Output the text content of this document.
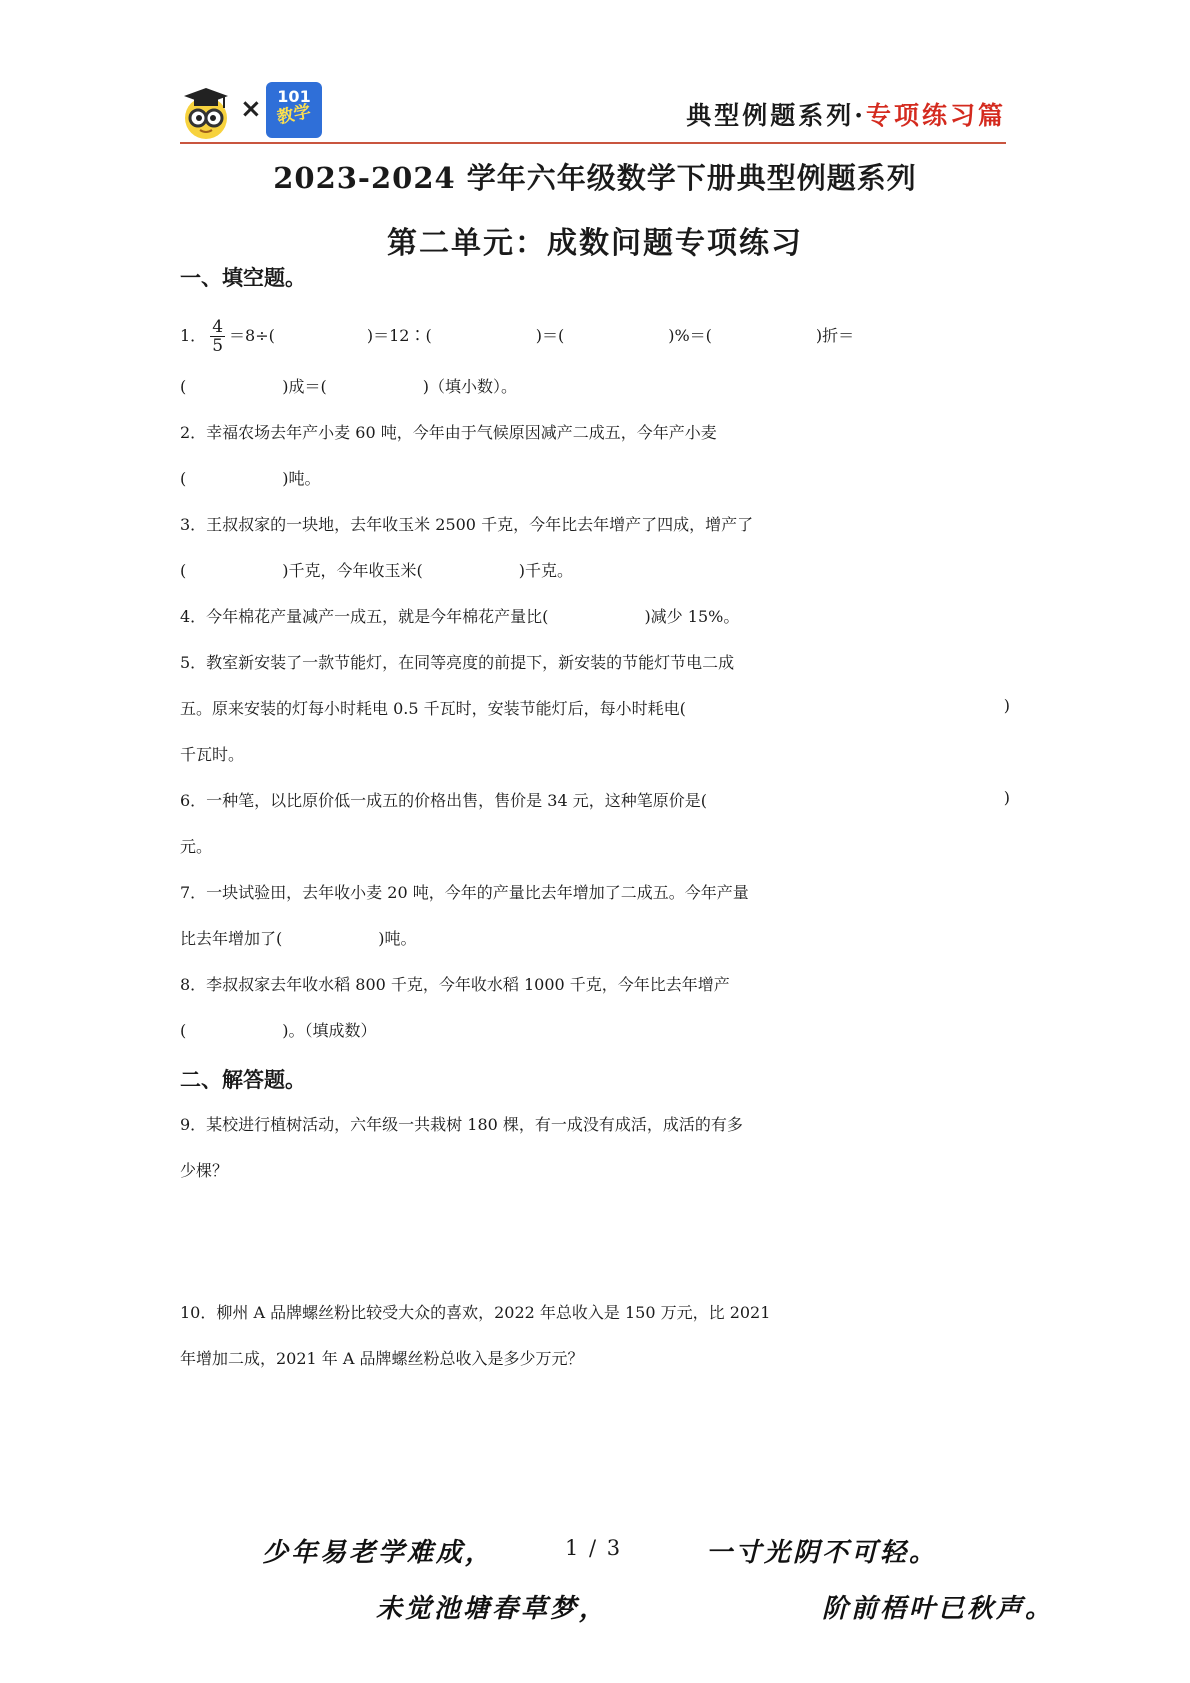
× 101
教学	典型例题系列·专项练习篇
2023-2024 学年六年级数学下册典型例题系列
第二单元：成数问题专项练习
一、填空题。
1． $\frac{4}{5} =8\div$(	)＝12∶(	)＝(	)%＝(	)折＝
(	)成＝(	)（填小数）。
2．幸福农场去年产小麦 60 吨，今年由于气候原因减产二成五，今年产小麦
(	)吨。
3．王叔叔家的一块地，去年收玉米 2500 千克，今年比去年增产了四成，增产了
(	)千克，今年收玉米(	)千克。
4．今年棉花产量减产一成五，就是今年棉花产量比(	)减少 15%。
5．教室新安装了一款节能灯，在同等亮度的前提下，新安装的节能灯节电二成
五。原来安装的灯每小时耗电 0.5 千瓦时，安装节能灯后，每小时耗电(	)
千瓦时。
6．一种笔，以比原价低一成五的价格出售，售价是 34 元，这种笔原价是(	)
元。
7．一块试验田，去年收小麦 20 吨，今年的产量比去年增加了二成五。今年产量
比去年增加了(	)吨。
8．李叔叔家去年收水稻 800 千克，今年收水稻 1000 千克，今年比去年增产
(	)。（填成数）
二、解答题。
9．某校进行植树活动，六年级一共栽树 180 棵，有一成没有成活，成活的有多
少棵？
10．柳州 A 品牌螺丝粉比较受大众的喜欢，2022 年总收入是 150 万元，比 2021
年增加二成，2021 年 A 品牌螺丝粉总收入是多少万元？
少年易老学难成，	1 / 3	一寸光阴不可轻。
未觉池塘春草梦，	阶前梧叶已秋声。
